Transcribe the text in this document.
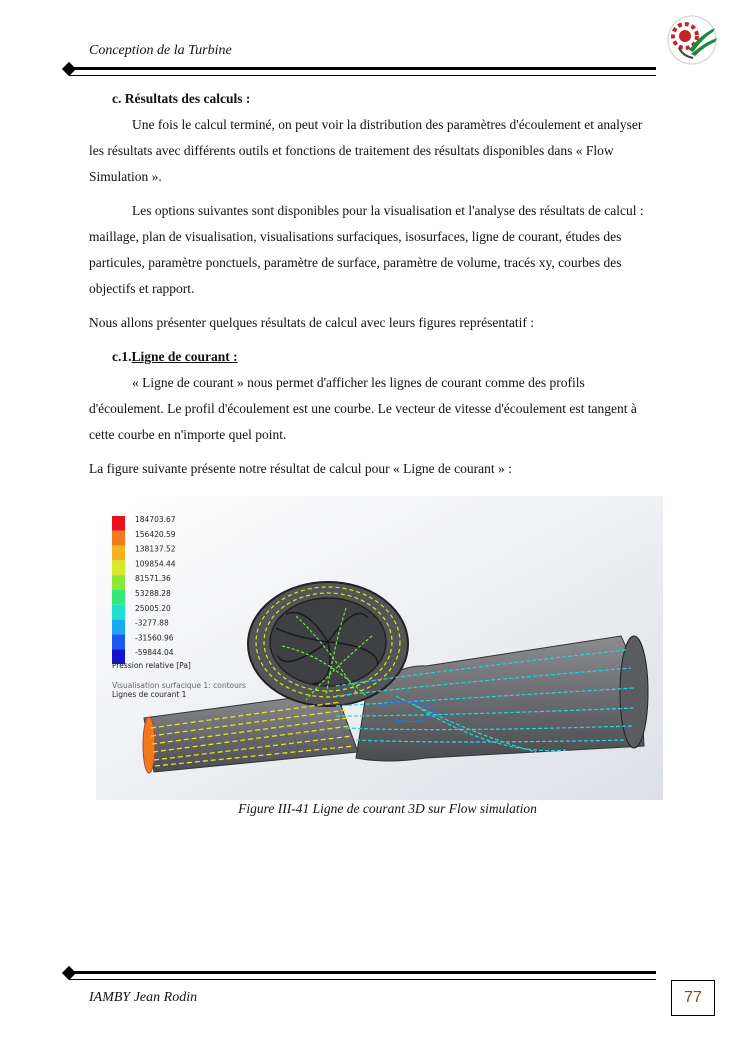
Conception de la Turbine

c. Résultats des calculs :

Une fois le calcul terminé, on peut voir la distribution des paramètres d'écoulement et analyser les résultats avec différents outils et fonctions de traitement des résultats disponibles dans « Flow Simulation ».

Les options suivantes sont disponibles pour la visualisation et l'analyse des résultats de calcul : maillage, plan de visualisation, visualisations surfaciques, isosurfaces, ligne de courant, études des particules, paramètre ponctuels, paramètre de surface, paramètre de volume, tracés xy, courbes des objectifs et rapport.

Nous allons présenter quelques résultats de calcul avec leurs figures représentatif :

c.1.Ligne de courant :

« Ligne de courant » nous permet d'afficher les lignes de courant comme des profils d'écoulement. Le profil d'écoulement est une courbe. Le vecteur de vitesse d'écoulement est tangent à cette courbe en n'importe quel point.

La figure suivante présente notre résultat de calcul pour « Ligne de courant » :

184703.67
156420.59
138137.52
109854.44
81571.36
53288.28
25005.20
-3277.88
-31560.96
-59844.04
Pression relative [Pa]
Visualisation surfacique 1: contours
Lignes de courant 1
Figure III-41 Ligne de courant 3D sur Flow simulation
IAMBY Jean Rodin	77
